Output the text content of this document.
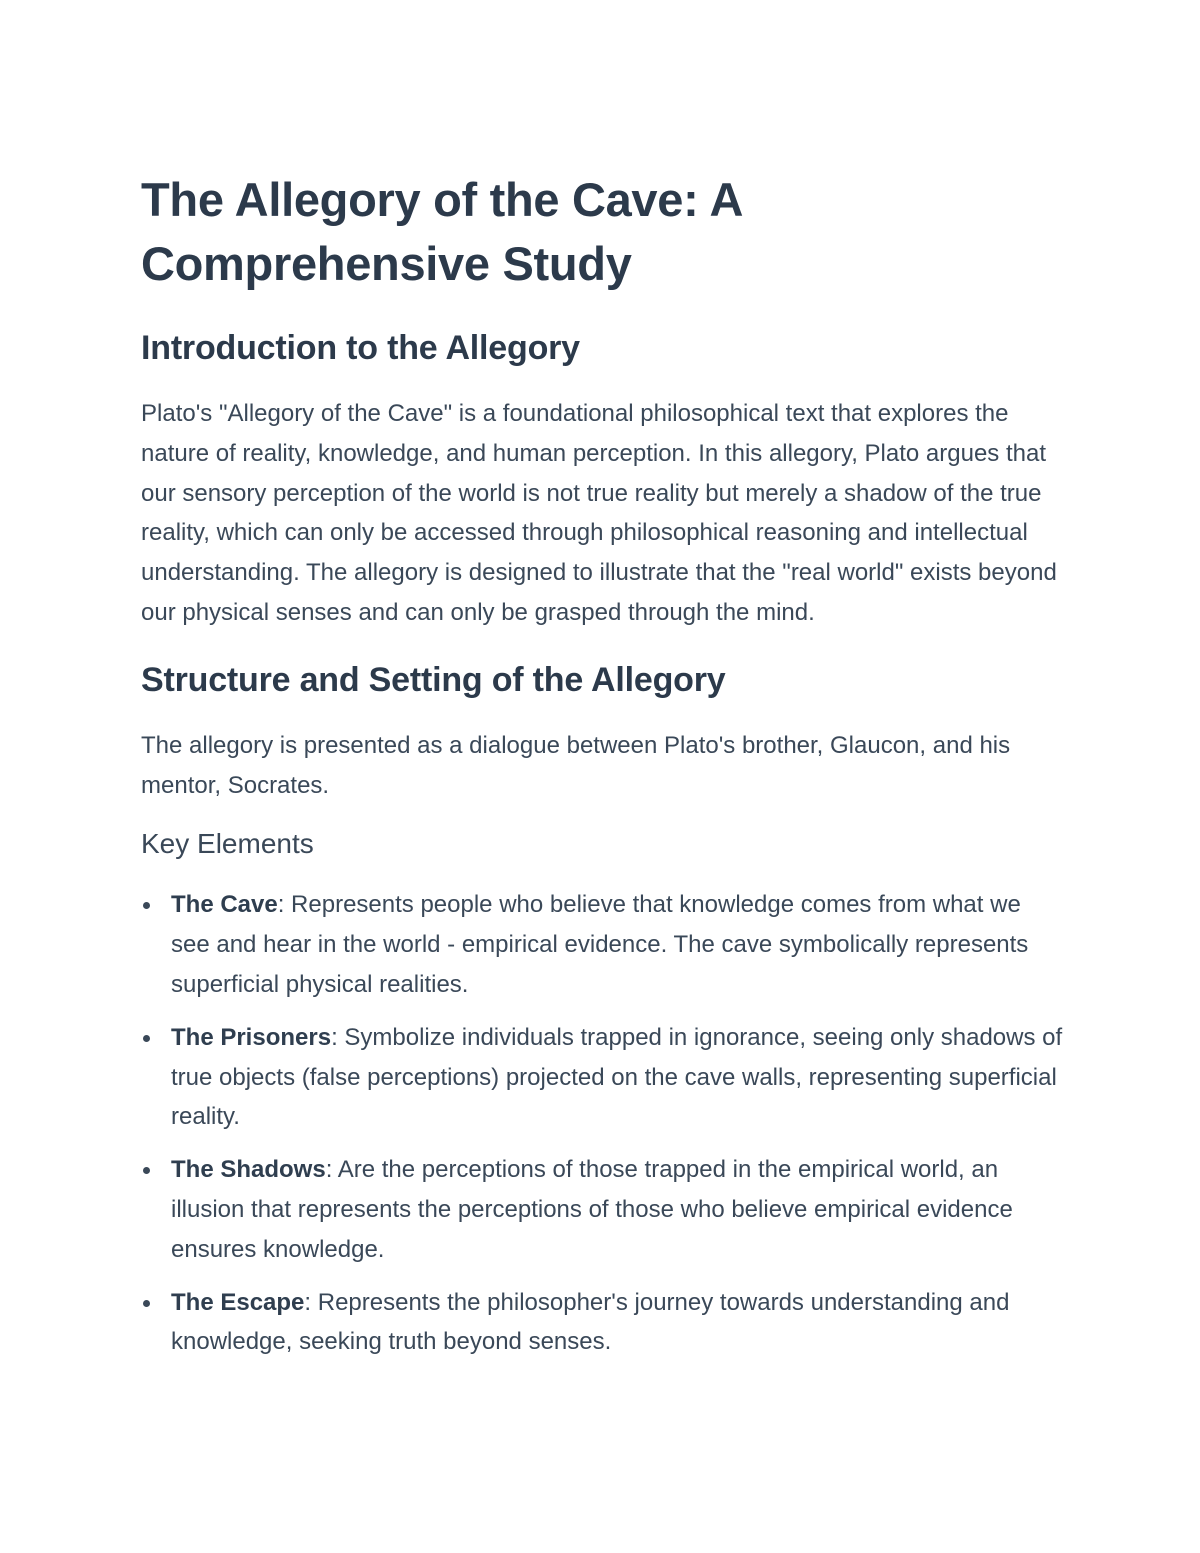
The Allegory of the Cave: A Comprehensive Study
Introduction to the Allegory

Plato's "Allegory of the Cave" is a foundational philosophical text that explores the nature of reality, knowledge, and human perception. In this allegory, Plato argues that our sensory perception of the world is not true reality but merely a shadow of the true reality, which can only be accessed through philosophical reasoning and intellectual understanding. The allegory is designed to illustrate that the "real world" exists beyond our physical senses and can only be grasped through the mind.

Structure and Setting of the Allegory

The allegory is presented as a dialogue between Plato's brother, Glaucon, and his mentor, Socrates.

Key Elements
The Cave: Represents people who believe that knowledge comes from what we see and hear in the world - empirical evidence. The cave symbolically represents superficial physical realities.
The Prisoners: Symbolize individuals trapped in ignorance, seeing only shadows of true objects (false perceptions) projected on the cave walls, representing superficial reality.
The Shadows: Are the perceptions of those trapped in the empirical world, an illusion that represents the perceptions of those who believe empirical evidence ensures knowledge.
The Escape: Represents the philosopher's journey towards understanding and knowledge, seeking truth beyond senses.
